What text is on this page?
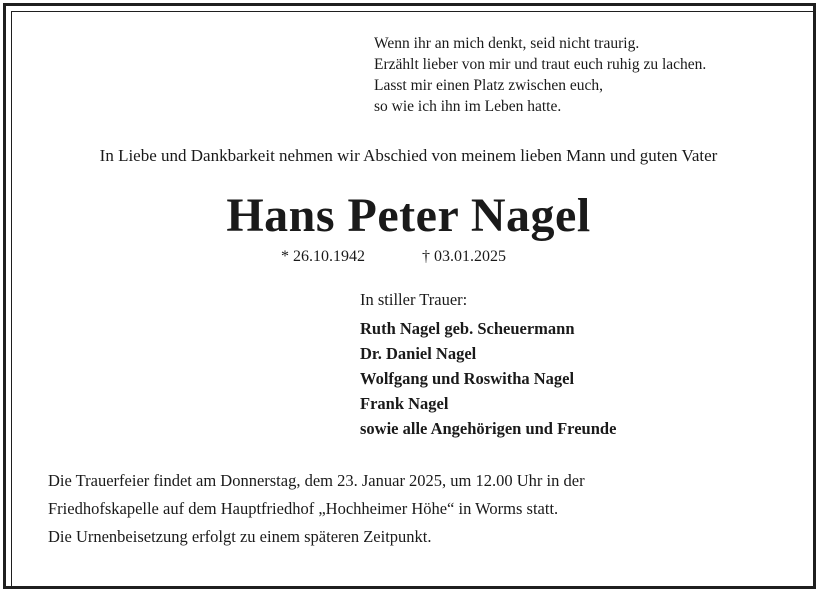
Wenn ihr an mich denkt, seid nicht traurig.
Erzählt lieber von mir und traut euch ruhig zu lachen.
Lasst mir einen Platz zwischen euch,
so wie ich ihn im Leben hatte.
In Liebe und Dankbarkeit nehmen wir Abschied von meinem lieben Mann und guten Vater
Hans Peter Nagel
* 26.10.1942	† 03.01.2025
In stiller Trauer:
Ruth Nagel geb. Scheuermann
Dr. Daniel Nagel
Wolfgang und Roswitha Nagel
Frank Nagel
sowie alle Angehörigen und Freunde
Die Trauerfeier findet am Donnerstag, dem 23. Januar 2025, um 12.00 Uhr in der
Friedhofskapelle auf dem Hauptfriedhof „Hochheimer Höhe“ in Worms statt.
Die Urnenbeisetzung erfolgt zu einem späteren Zeitpunkt.
